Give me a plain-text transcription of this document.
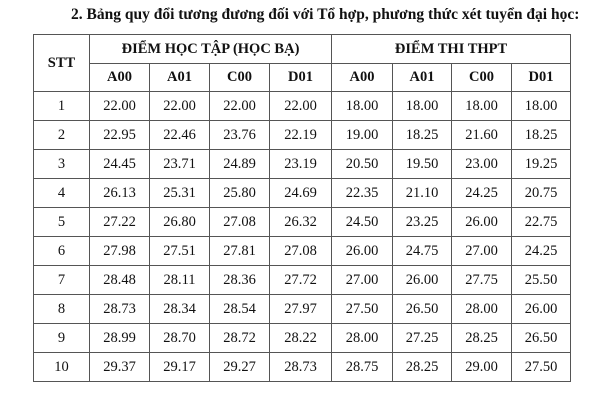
2. Bảng quy đổi tương đương đối với Tổ hợp, phương thức xét tuyển đại học:
STT	ĐIỂM HỌC TẬP (HỌC BẠ)				ĐIỂM THI THPT			
	A00	A01	C00	D01	A00	A01	C00	D01
1	22.00	22.00	22.00	22.00	18.00	18.00	18.00	18.00
2	22.95	22.46	23.76	22.19	19.00	18.25	21.60	18.25
3	24.45	23.71	24.89	23.19	20.50	19.50	23.00	19.25
4	26.13	25.31	25.80	24.69	22.35	21.10	24.25	20.75
5	27.22	26.80	27.08	26.32	24.50	23.25	26.00	22.75
6	27.98	27.51	27.81	27.08	26.00	24.75	27.00	24.25
7	28.48	28.11	28.36	27.72	27.00	26.00	27.75	25.50
8	28.73	28.34	28.54	27.97	27.50	26.50	28.00	26.00
9	28.99	28.70	28.72	28.22	28.00	27.25	28.25	26.50
10	29.37	29.17	29.27	28.73	28.75	28.25	29.00	27.50
